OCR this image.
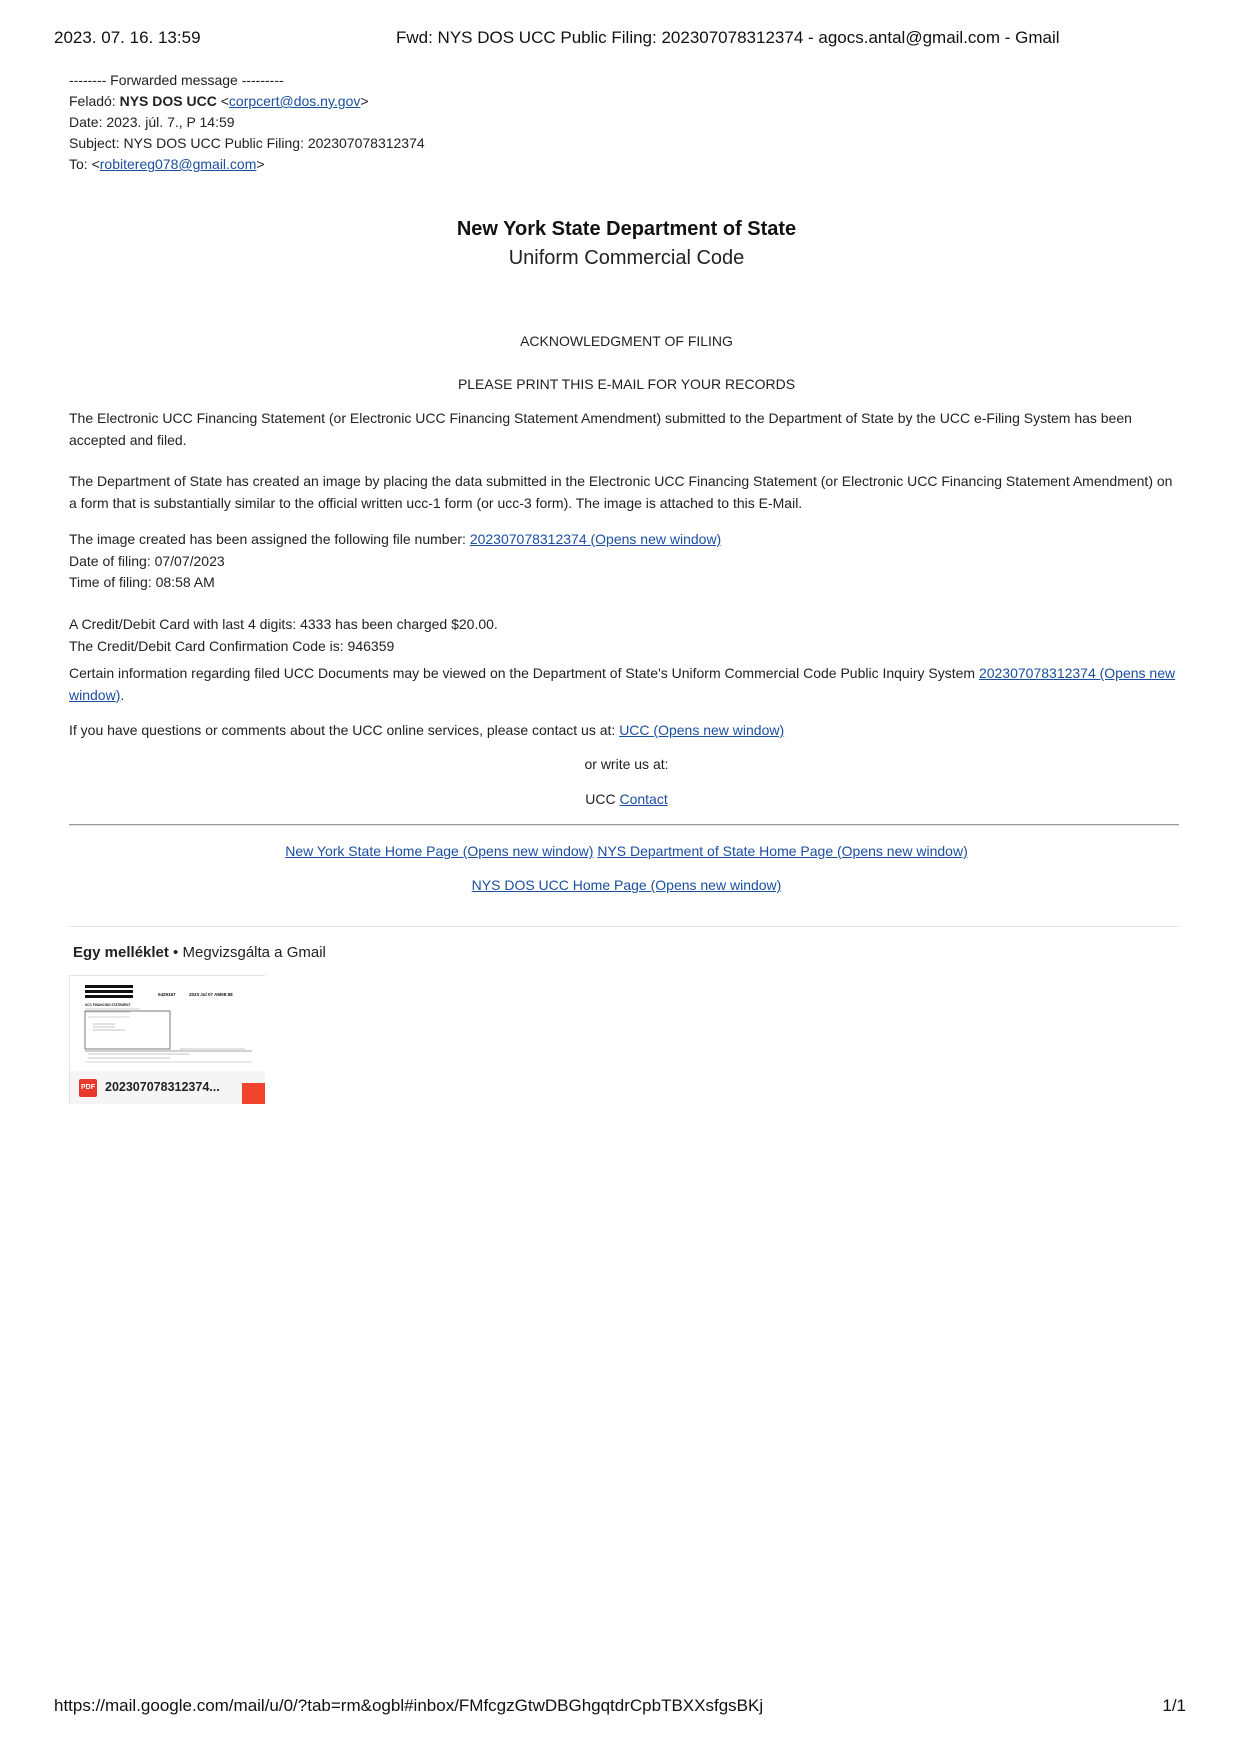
2023. 07. 16. 13:59	Fwd: NYS DOS UCC Public Filing: 202307078312374 - agocs.antal@gmail.com - Gmail
-------- Forwarded message ---------
Feladó: NYS DOS UCC <corpcert@dos.ny.gov>
Date: 2023. júl. 7., P 14:59
Subject: NYS DOS UCC Public Filing: 202307078312374
To: <robitereg078@gmail.com>
New York State Department of State
Uniform Commercial Code
ACKNOWLEDGMENT OF FILING
PLEASE PRINT THIS E-MAIL FOR YOUR RECORDS
The Electronic UCC Financing Statement (or Electronic UCC Financing Statement Amendment) submitted to the Department of State by the UCC e-Filing System has been accepted and filed.
The Department of State has created an image by placing the data submitted in the Electronic UCC Financing Statement (or Electronic UCC Financing Statement Amendment) on a form that is substantially similar to the official written ucc-1 form (or ucc-3 form). The image is attached to this E-Mail.
The image created has been assigned the following file number: 202307078312374 (Opens new window)
Date of filing: 07/07/2023
Time of filing: 08:58 AM
A Credit/Debit Card with last 4 digits: 4333 has been charged $20.00.
The Credit/Debit Card Confirmation Code is: 946359
Certain information regarding filed UCC Documents may be viewed on the Department of State's Uniform Commercial Code Public Inquiry System 202307078312374 (Opens new window).
If you have questions or comments about the UCC online services, please contact us at: UCC (Opens new window)
or write us at:
UCC Contact
New York State Home Page (Opens new window) NYS Department of State Home Page (Opens new window)
NYS DOS UCC Home Page (Opens new window)
Egy melléklet • Megvizsgálta a Gmail
0429157	2023 Jul 07 AM08:58
UCC FINANCING STATEMENT
PDF 202307078312374...
https://mail.google.com/mail/u/0/?tab=rm&ogbl#inbox/FMfcgzGtwDBGhgqtdrCpbTBXXsfgsBKj	1/1
